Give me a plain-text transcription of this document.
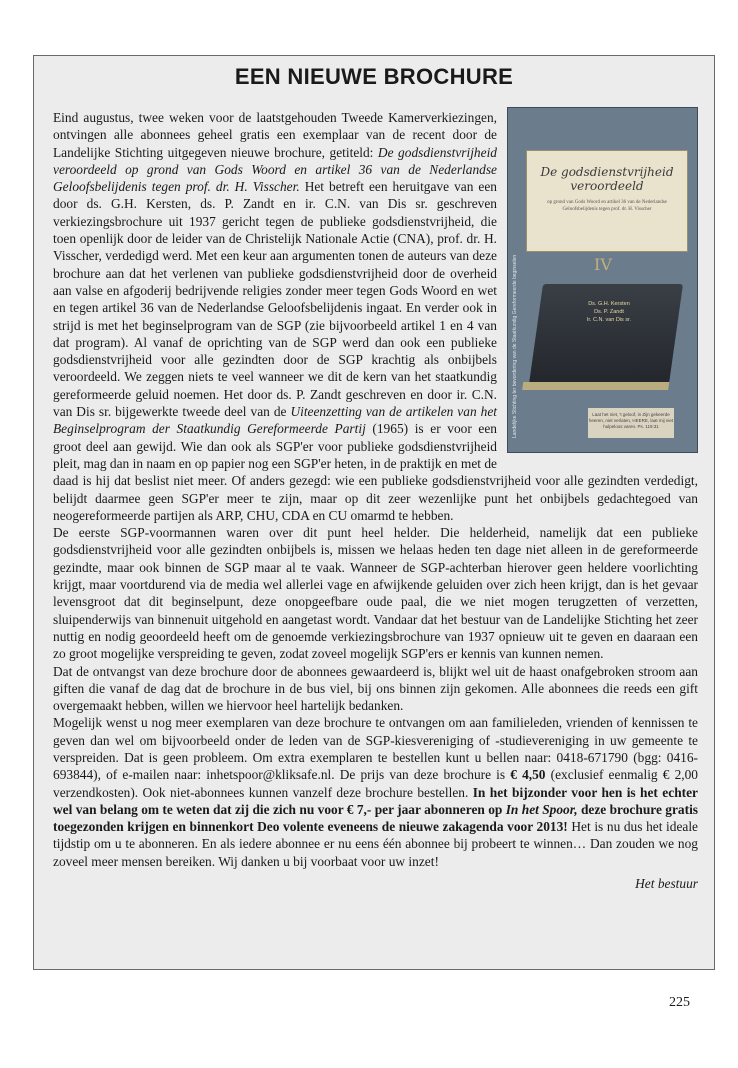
EEN NIEUWE BROCHURE

Landelijke Stichting ter bevordering van de Staatkundig Gereformeerde beginselen
De godsdienstvrijheid
veroordeeld
op grond van Gods Woord en artikel 36 van de Nederlandse Geloofsbelijdenis tegen prof. dr. H. Visscher
IV
Ds. G.H. Kersten
Ds. P. Zandt
Ir. C.N. van Dis sr.
Laat het niet, 't geloof, in Zijn gekeerde heeren, niet verlaten, HEERE, laat mij niet hulpeloos varen. Ps. 119:31
Eind augustus, twee weken voor de laatstgehouden Tweede Kamerverkiezingen, ontvingen alle abonnees geheel gratis een exemplaar van de recent door de Landelijke Stichting uitgegeven nieuwe brochure, getiteld: De godsdienstvrijheid veroordeeld op grond van Gods Woord en artikel 36 van de Nederlandse Geloofsbelijdenis tegen prof. dr. H. Visscher. Het betreft een heruitgave van een door ds. G.H. Kersten, ds. P. Zandt en ir. C.N. van Dis sr. geschreven verkiezingsbrochure uit 1937 gericht tegen de publieke godsdienstvrijheid, die toen openlijk door de leider van de Christelijk Nationale Actie (CNA), prof. dr. H. Visscher, verdedigd werd. Met een keur aan argumenten tonen de auteurs van deze brochure aan dat het verlenen van publieke godsdienstvrijheid door de overheid aan valse en afgoderij bedrijvende religies zonder meer tegen Gods Woord en wet en tegen artikel 36 van de Nederlandse Geloofsbelijdenis ingaat. En verder ook in strijd is met het beginselprogram van de SGP (zie bijvoorbeeld artikel 1 en 4 van dat program). Al vanaf de oprichting van de SGP werd dan ook een publieke godsdienstvrijheid voor alle gezindten door de SGP krachtig als onbijbels veroordeeld. We zeggen niets te veel wanneer we dit de kern van het staatkundig gereformeerde geluid noemen. Het door ds. P. Zandt geschreven en door ir. C.N. van Dis sr. bijgewerkte tweede deel van de Uiteenzetting van de artikelen van het Beginselprogram der Staatkundig Gereformeerde Partij (1965) is er voor een groot deel aan gewijd. Wie dan ook als SGP'er voor publieke godsdienstvrijheid pleit, mag dan in naam en op papier nog een SGP'er heten, in de praktijk en met de daad is hij dat beslist niet meer. Of anders gezegd: wie een publieke godsdienstvrijheid voor alle gezindten verdedigt, belijdt daarmee geen SGP'er meer te zijn, maar op dit zeer wezenlijke punt het onbijbels gedachtegoed van neogereformeerde partijen als ARP, CHU, CDA en CU omarmd te hebben.

De eerste SGP-voormannen waren over dit punt heel helder. Die helderheid, namelijk dat een publieke godsdienstvrijheid voor alle gezindten onbijbels is, missen we helaas heden ten dage niet alleen in de gereformeerde gezindte, maar ook binnen de SGP maar al te vaak. Wanneer de SGP-achterban hierover geen heldere voorlichting krijgt, maar voortdurend via de media wel allerlei vage en afwijkende geluiden over zich heen krijgt, dan is het gevaar levensgroot dat dit beginselpunt, deze onopgeefbare oude paal, die we niet mogen terugzetten of verzetten, sluipenderwijs van binnenuit uitgehold en aangetast wordt. Vandaar dat het bestuur van de Landelijke Stichting het zeer nuttig en nodig geoordeeld heeft om de genoemde verkiezingsbrochure van 1937 opnieuw uit te geven en daaraan een zo groot mogelijke verspreiding te geven, zodat zoveel mogelijk SGP'ers er kennis van kunnen nemen.

Dat de ontvangst van deze brochure door de abonnees gewaardeerd is, blijkt wel uit de haast onafgebroken stroom aan giften die vanaf de dag dat de brochure in de bus viel, bij ons binnen zijn gekomen. Alle abonnees die reeds een gift overgemaakt hebben, willen we hiervoor heel hartelijk bedanken.

Mogelijk wenst u nog meer exemplaren van deze brochure te ontvangen om aan familieleden, vrienden of kennissen te geven dan wel om bijvoorbeeld onder de leden van de SGP-kiesvereniging of -studievereniging in uw gemeente te verspreiden. Dat is geen probleem. Om extra exemplaren te bestellen kunt u bellen naar: 0418-671790 (bgg: 0416-693844), of e-mailen naar: inhetspoor@kliksafe.nl. De prijs van deze brochure is € 4,50 (exclusief eenmalig € 2,00 verzendkosten). Ook niet-abonnees kunnen vanzelf deze brochure bestellen. In het bijzonder voor hen is het echter wel van belang om te weten dat zij die zich nu voor € 7,- per jaar abonneren op In het Spoor, deze brochure gratis toegezonden krijgen en binnenkort Deo volente eveneens de nieuwe zakagenda voor 2013! Het is nu dus het ideale tijdstip om u te abonneren. En als iedere abonnee er nu eens één abonnee bij probeert te winnen… Dan zouden we nog zoveel meer mensen bereiken. Wij danken u bij voorbaat voor uw inzet!

Het bestuur
225
